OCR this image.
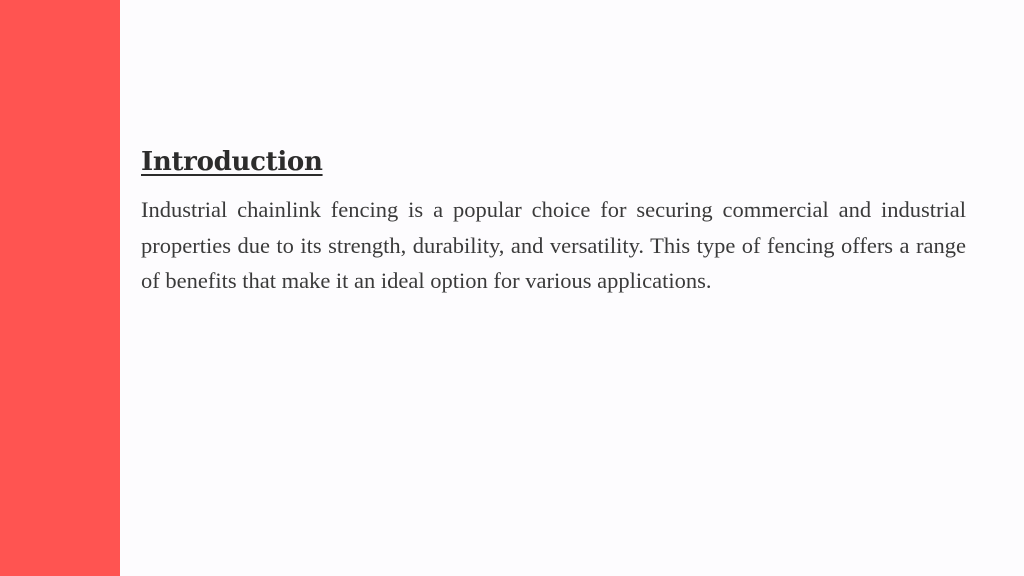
Introduction

Industrial chainlink fencing is a popular choice for securing commercial and industrial properties due to its strength, durability, and versatility. This type of fencing offers a range of benefits that make it an ideal option for various applications.
